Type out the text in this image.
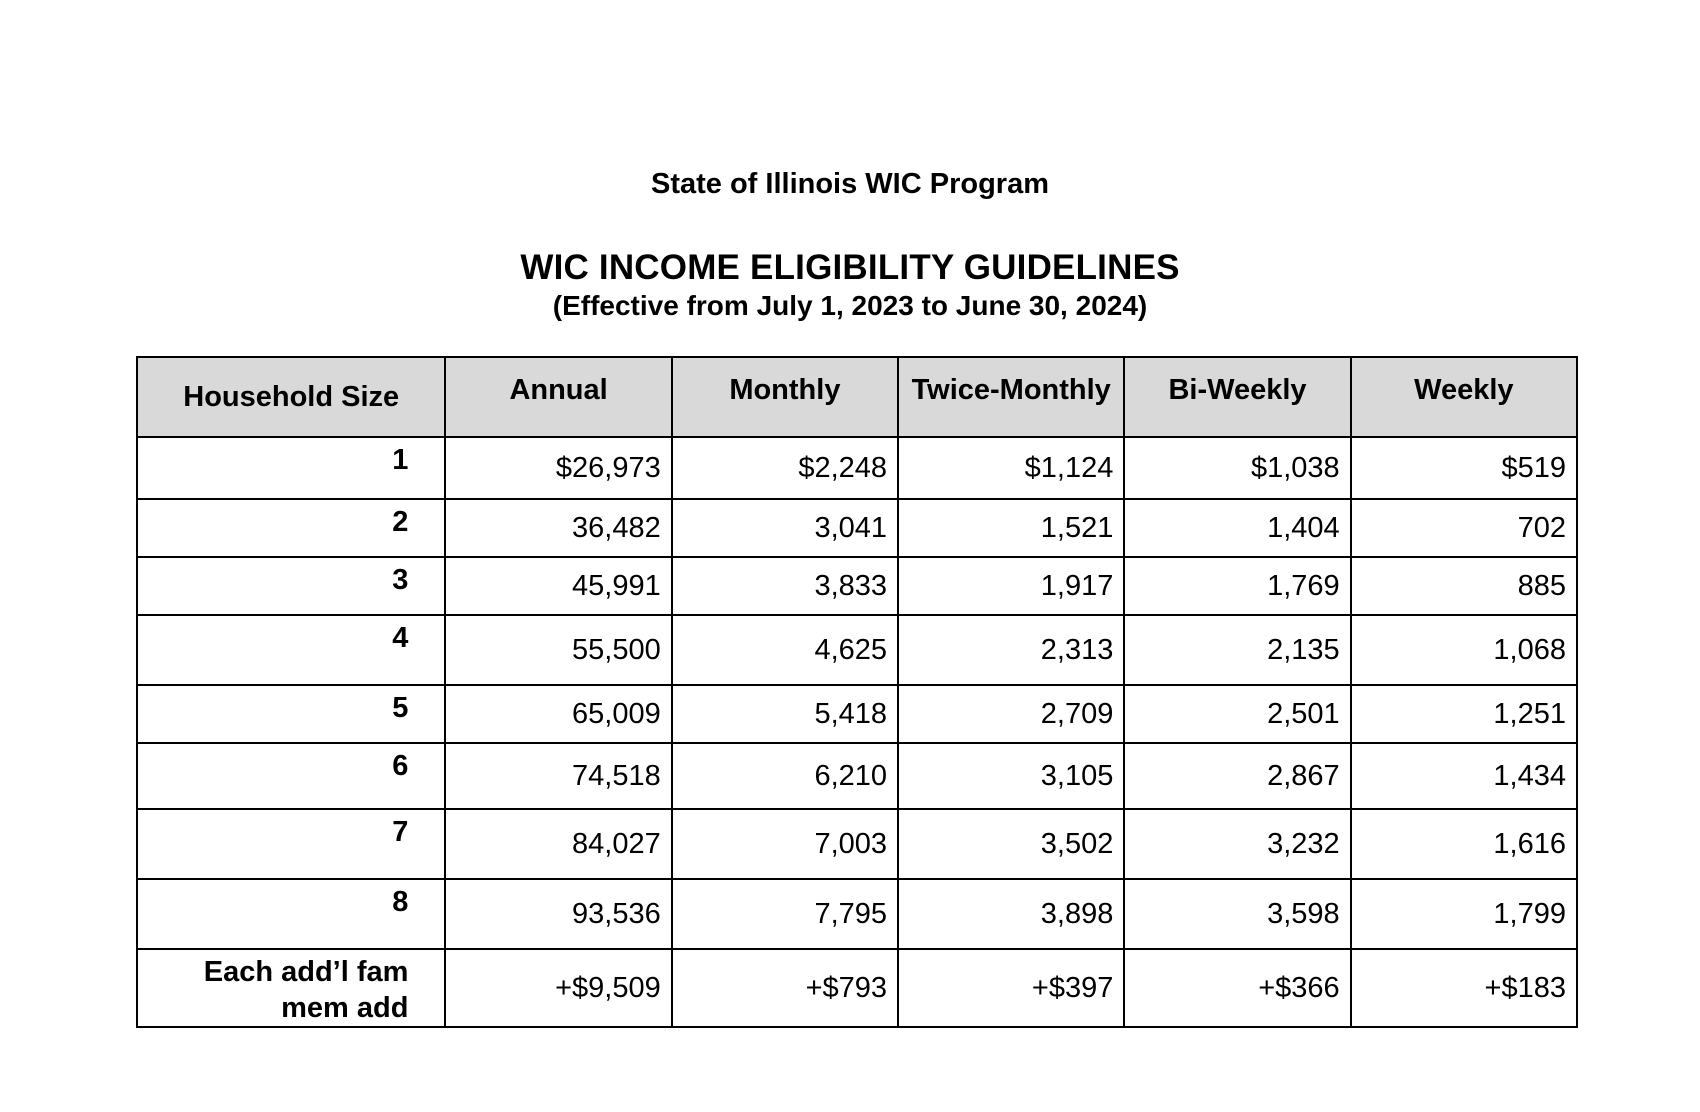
State of Illinois WIC Program
WIC INCOME ELIGIBILITY GUIDELINES
(Effective from July 1, 2023 to June 30, 2024)
Household Size	Annual	Monthly	Twice-Monthly	Bi-Weekly	Weekly
1	$26,973	$2,248	$1,124	$1,038	$519
2	36,482	3,041	1,521	1,404	702
3	45,991	3,833	1,917	1,769	885
4	55,500	4,625	2,313	2,135	1,068
5	65,009	5,418	2,709	2,501	1,251
6	74,518	6,210	3,105	2,867	1,434
7	84,027	7,003	3,502	3,232	1,616
8	93,536	7,795	3,898	3,598	1,799
Each add’l fam mem add	+$9,509	+$793	+$397	+$366	+$183
